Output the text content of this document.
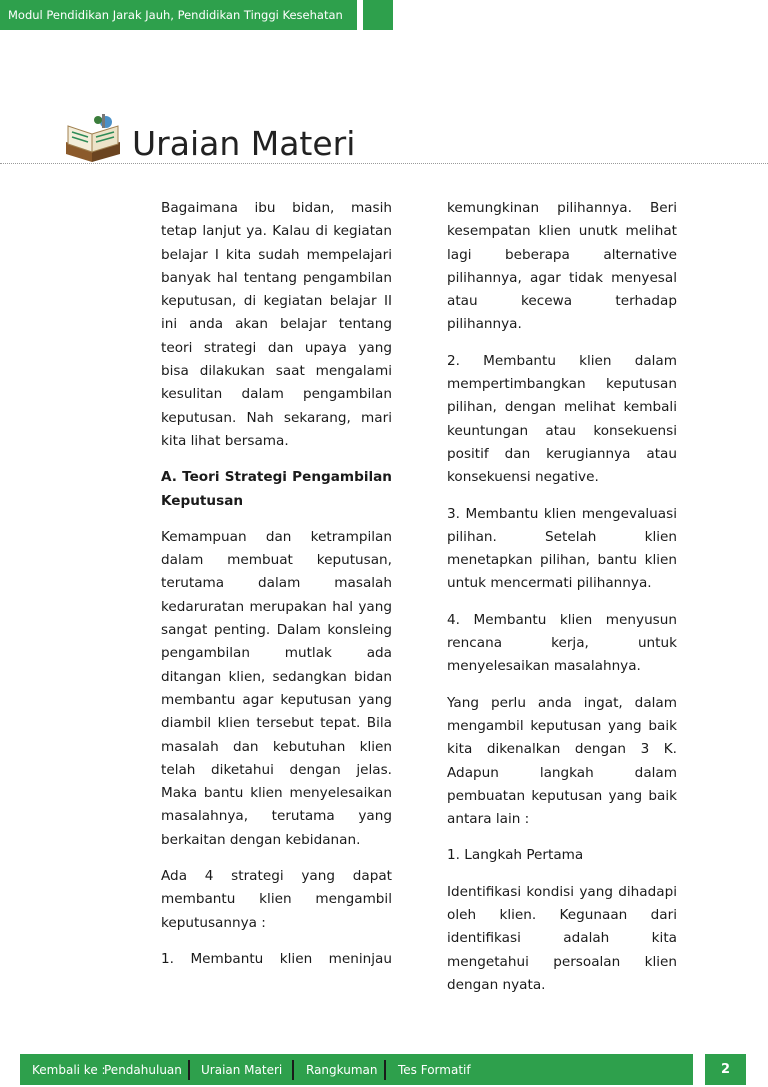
Modul Pendidikan Jarak Jauh, Pendidikan Tinggi Kesehatan
Uraian Materi

Bagaimana ibu bidan, masih tetap lanjut ya. Kalau di kegiatan belajar I kita sudah mempelajari banyak hal tentang pengambilan keputusan, di kegiatan belajar II ini anda akan belajar tentang teori strategi dan upaya yang bisa dilakukan saat mengalami kesulitan dalam pengambilan keputusan. Nah sekarang, mari kita lihat bersama.

A. Teori Strategi Pengambilan Keputusan

Kemampuan dan ketrampilan dalam membuat keputusan, terutama dalam masalah kedaruratan merupakan hal yang sangat penting. Dalam konsleing pengambilan mutlak ada ditangan klien, sedangkan bidan membantu agar keputusan yang diambil klien tersebut tepat. Bila masalah dan kebutuhan klien telah diketahui dengan jelas. Maka bantu klien menyelesaikan masalahnya, terutama yang berkaitan dengan kebidanan.

Ada 4 strategi yang dapat membantu klien mengambil keputusannya :

1. Membantu klien meninjau

kemungkinan pilihannya. Beri kesempatan klien unutk melihat lagi beberapa alternative pilihannya, agar tidak menyesal atau kecewa terhadap pilihannya.

2. Membantu klien dalam mempertimbangkan keputusan pilihan, dengan melihat kembali keuntungan atau konsekuensi positif dan kerugiannya atau konsekuensi negative.

3. Membantu klien mengevaluasi pilihan. Setelah klien menetapkan pilihan, bantu klien untuk mencermati pilihannya.

4. Membantu klien menyusun rencana kerja, untuk menyelesaikan masalahnya.

Yang perlu anda ingat, dalam mengambil keputusan yang baik kita dikenalkan dengan 3 K. Adapun langkah dalam pembuatan keputusan yang baik antara lain :

1. Langkah Pertama

Identifikasi kondisi yang dihadapi oleh klien. Kegunaan dari identifikasi adalah kita mengetahui persoalan klien dengan nyata.

Kembali ke :
Pendahuluan Uraian Materi Rangkuman Tes Formatif	2
